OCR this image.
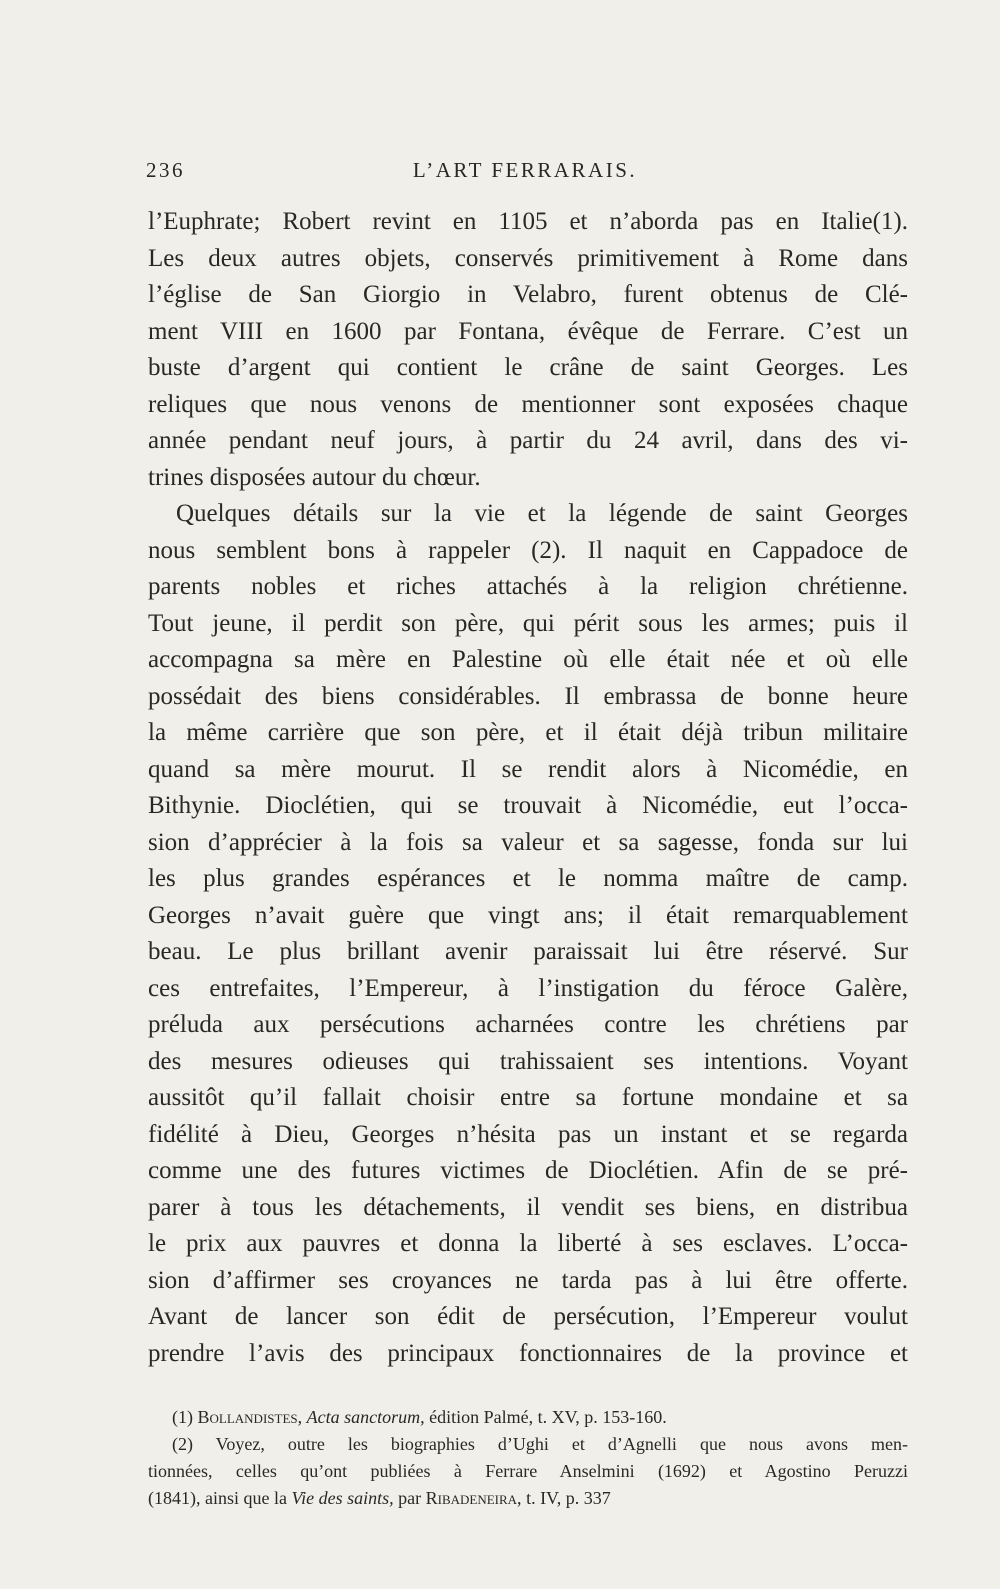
236	L’ART FERRARAIS.
l’Euphrate; Robert revint en 1105 et n’aborda pas en Italie(1).
Les deux autres objets, conservés primitivement à Rome dans
l’église de San Giorgio in Velabro, furent obtenus de Clé-
ment VIII en 1600 par Fontana, évêque de Ferrare. C’est un
buste d’argent qui contient le crâne de saint Georges. Les
reliques que nous venons de mentionner sont exposées chaque
année pendant neuf jours, à partir du 24 avril, dans des vi-
trines disposées autour du chœur.
Quelques détails sur la vie et la légende de saint Georges
nous semblent bons à rappeler (2). Il naquit en Cappadoce de
parents nobles et riches attachés à la religion chrétienne.
Tout jeune, il perdit son père, qui périt sous les armes; puis il
accompagna sa mère en Palestine où elle était née et où elle
possédait des biens considérables. Il embrassa de bonne heure
la même carrière que son père, et il était déjà tribun militaire
quand sa mère mourut. Il se rendit alors à Nicomédie, en
Bithynie. Dioclétien, qui se trouvait à Nicomédie, eut l’occa-
sion d’apprécier à la fois sa valeur et sa sagesse, fonda sur lui
les plus grandes espérances et le nomma maître de camp.
Georges n’avait guère que vingt ans; il était remarquablement
beau. Le plus brillant avenir paraissait lui être réservé. Sur
ces entrefaites, l’Empereur, à l’instigation du féroce Galère,
préluda aux persécutions acharnées contre les chrétiens par
des mesures odieuses qui trahissaient ses intentions. Voyant
aussitôt qu’il fallait choisir entre sa fortune mondaine et sa
fidélité à Dieu, Georges n’hésita pas un instant et se regarda
comme une des futures victimes de Dioclétien. Afin de se pré-
parer à tous les détachements, il vendit ses biens, en distribua
le prix aux pauvres et donna la liberté à ses esclaves. L’occa-
sion d’affirmer ses croyances ne tarda pas à lui être offerte.
Avant de lancer son édit de persécution, l’Empereur voulut
prendre l’avis des principaux fonctionnaires de la province et
(1) Bollandistes, Acta sanctorum, édition Palmé, t. XV, p. 153-160.
(2) Voyez, outre les biographies d’Ughi et d’Agnelli que nous avons men-
tionnées, celles qu’ont publiées à Ferrare Anselmini (1692) et Agostino Peruzzi
(1841), ainsi que la Vie des saints, par Ribadeneira, t. IV, p. 337
